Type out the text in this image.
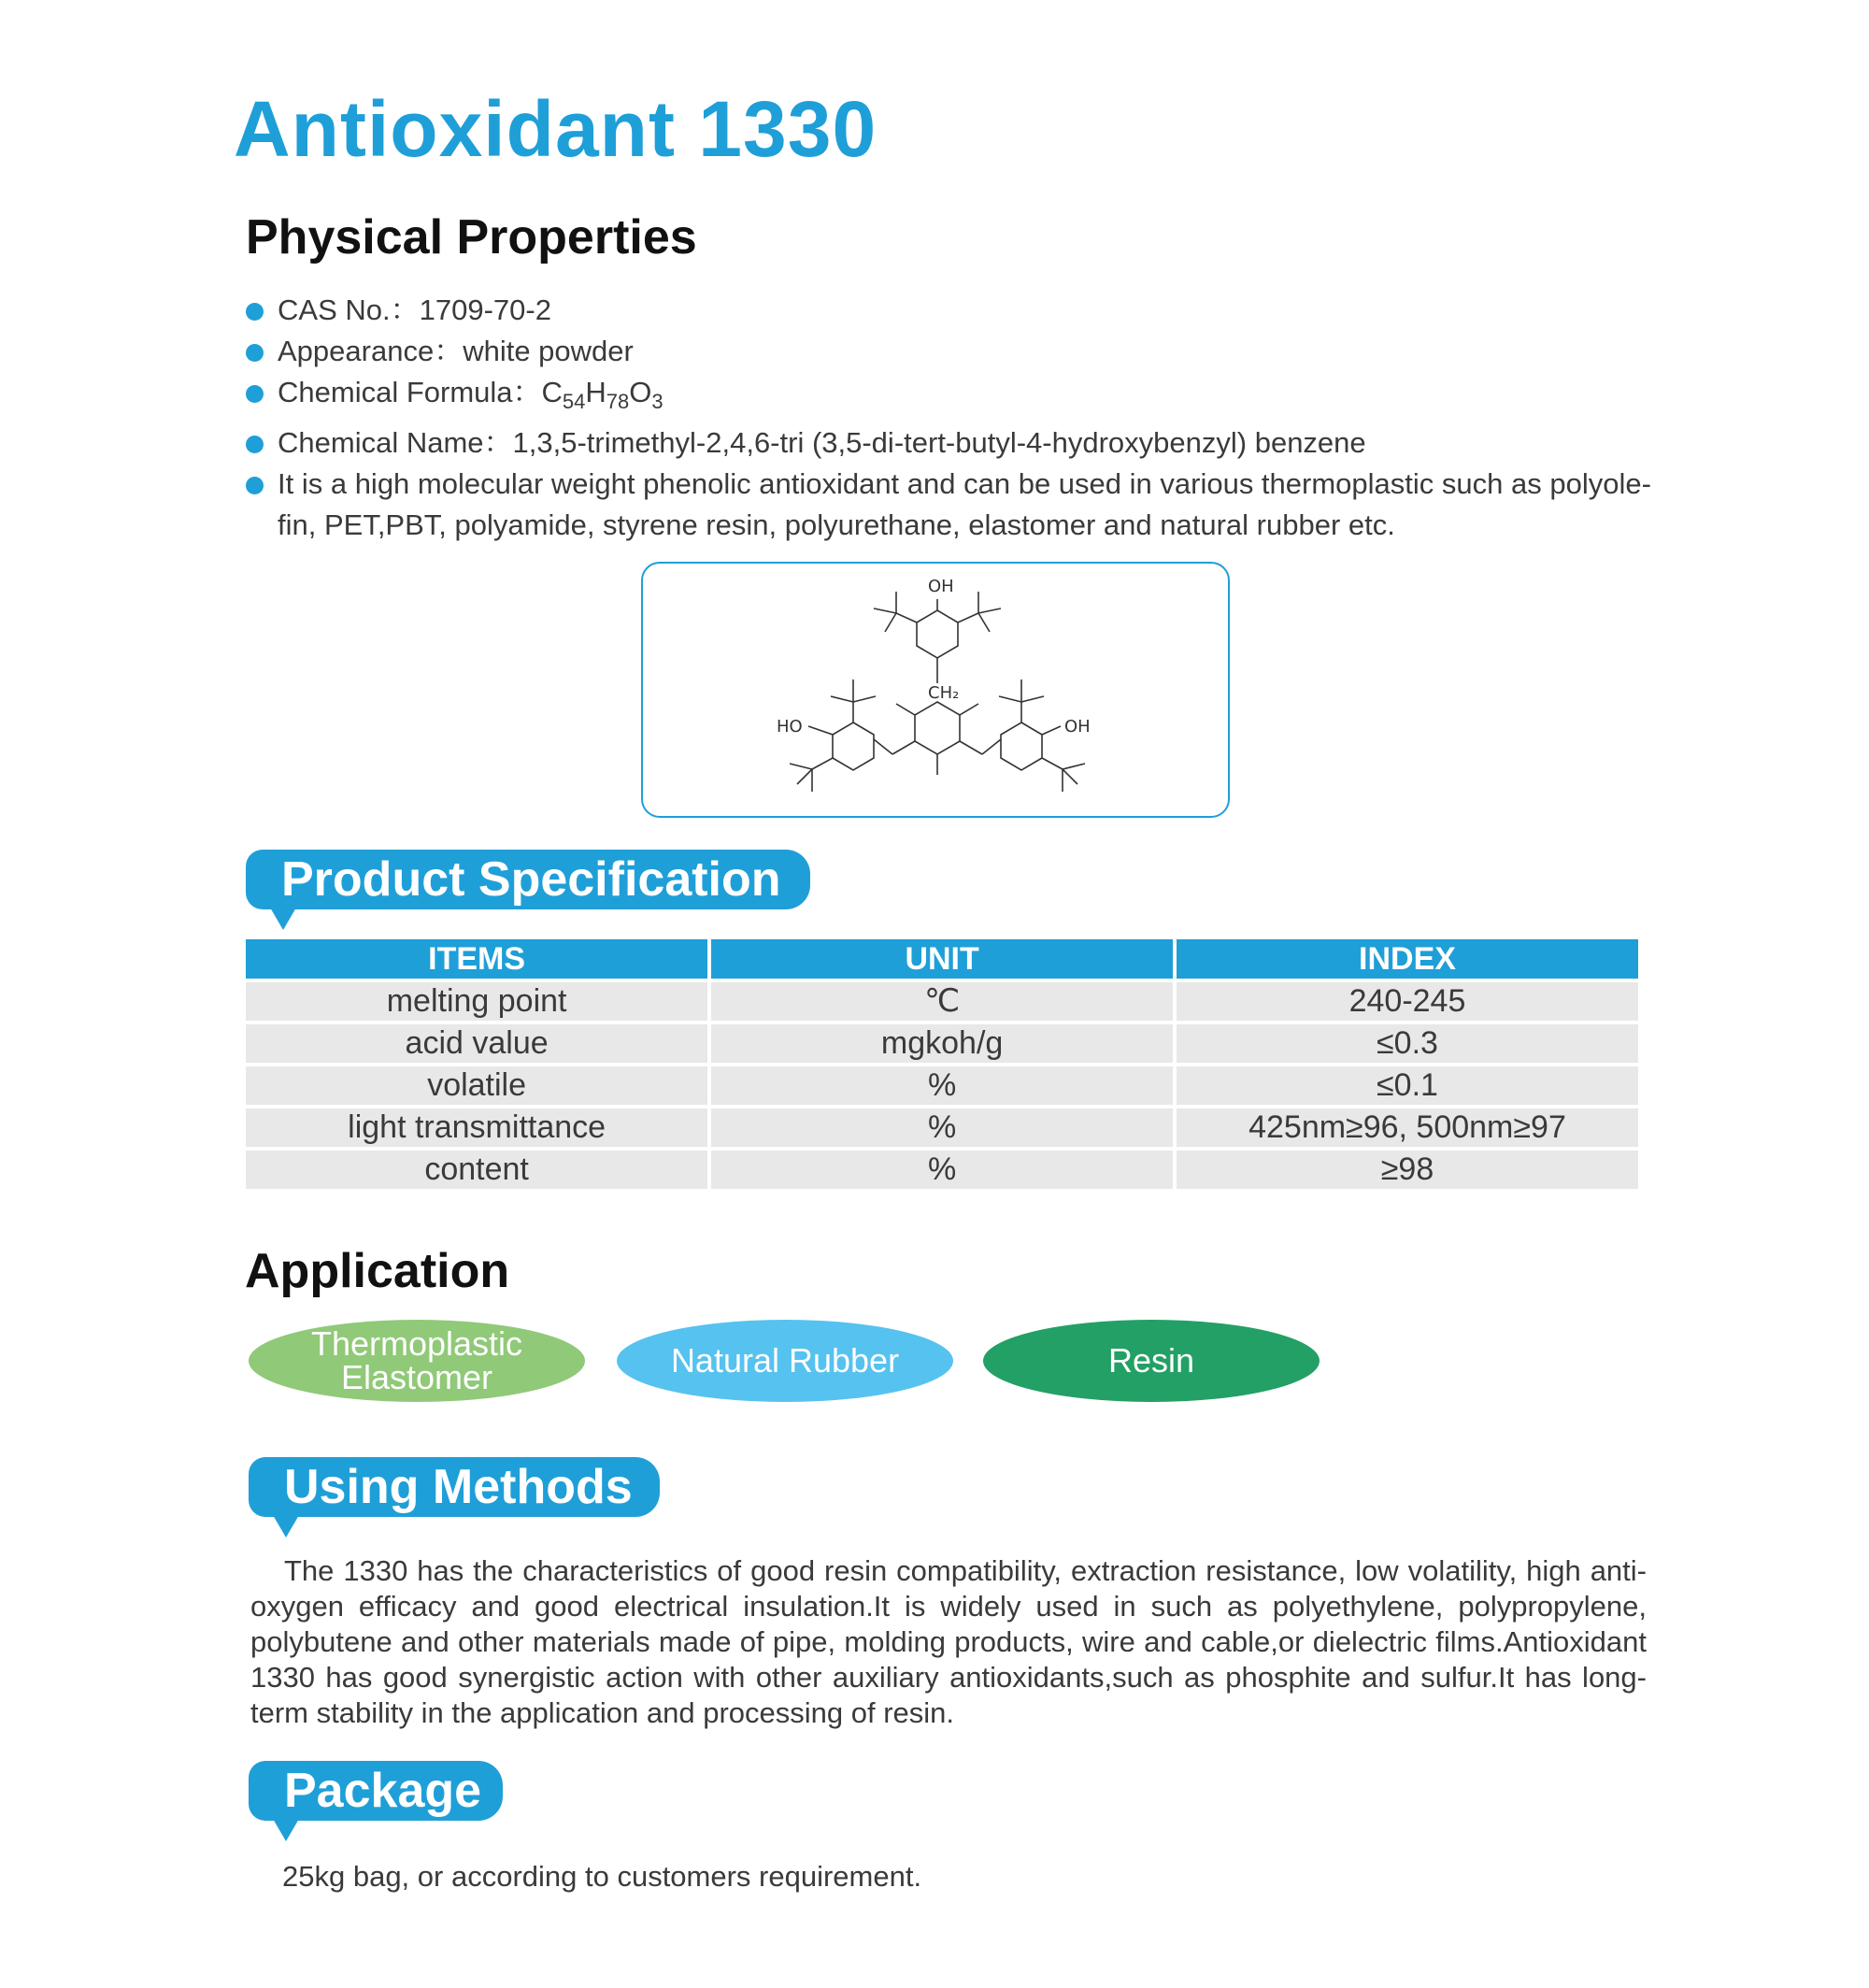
Antioxidant 1330
Physical Properties
CAS No.：1709-70-2
Appearance：white powder
Chemical Formula：$C_{54}H_{78}O_3$
Chemical Name：1,3,5-trimethyl-2,4,6-tri (3,5-di-tert-butyl-4-hydroxybenzyl) benzene
It is a high molecular weight phenolic antioxidant and can be used in various thermoplastic such as polyole-fin, PET,PBT, polyamide, styrene resin, polyurethane, elastomer and natural rubber etc.
OH
CH₂
HO	OH
Product Specification
ITEMS	UNIT	INDEX
melting point	℃	240-245
acid value	mgkoh/g	≤0.3
volatile	%	≤0.1
light transmittance	%	425nm≥96, 500nm≥97
content	%	≥98
Application
Thermoplastic
Elastomer	Natural Rubber	Resin
Using Methods
The 1330 has the characteristics of good resin compatibility, extraction resistance, low volatility, high anti-oxygen efficacy and good electrical insulation.It is widely used in such as polyethylene, polypropylene, polybutene and other materials made of pipe, molding products, wire and cable,or dielectric films.Antioxidant 1330 has good synergistic action with other auxiliary antioxidants,such as phosphite and sulfur.It has long-term stability in the application and processing of resin.
Package
25kg bag, or according to customers requirement.
